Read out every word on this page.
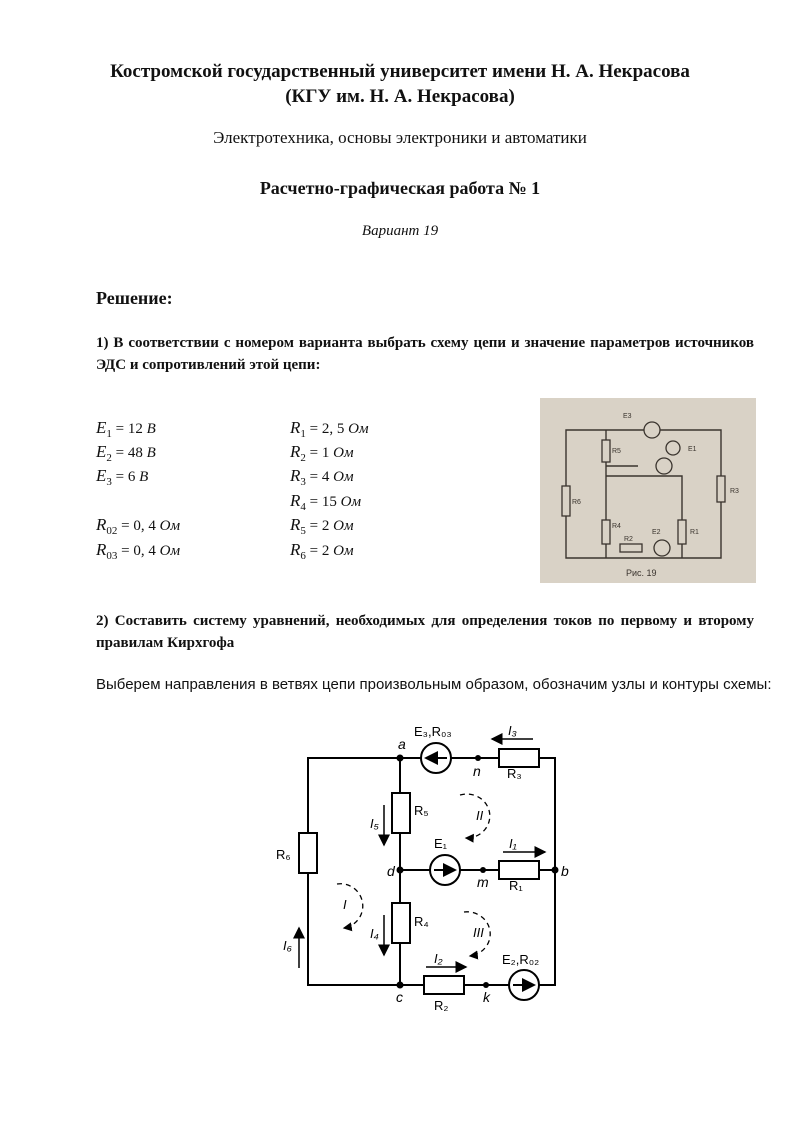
Костромской государственный университет имени Н. А. Некрасова
(КГУ им. Н. А. Некрасова)
Электротехника, основы электроники и автоматики
Расчетно-графическая работа № 1
Вариант 19
Решение:
1) В соответствии с номером варианта выбрать схему цепи и значение параметров источников ЭДС и сопротивлений этой цепи:
$E_1 = 12$ В
$E_2 = 48$ В
$E_3 = 6$ В
$R_{02} = 0$, 4 Ом
$R_{03} = 0$, 4 Ом
$R_1 = 2$, 5 Ом
$R_2 = 1$ Ом
$R_3 = 4$ Ом
$R_4 = 15$ Ом
$R_5 = 2$ Ом
$R_6 = 2$ Ом
E3
R5	E1
R6
R3
R4
R1
E2
R2
Рис. 19
2) Составить систему уравнений, необходимых для определения токов по первому и второму правилам Кирхгофа
Выберем направления в ветвях цепи произвольным образом, обозначим узлы и контуры схемы:
a
n
d
m
b
c	k
E₃,R₀₃
R₃
R₅
R₆
E₁
R₁
R₄
E₂,R₀₂
R₂
I₃
I₁
I₂
I₅
I₄
I₆
I
II
III
